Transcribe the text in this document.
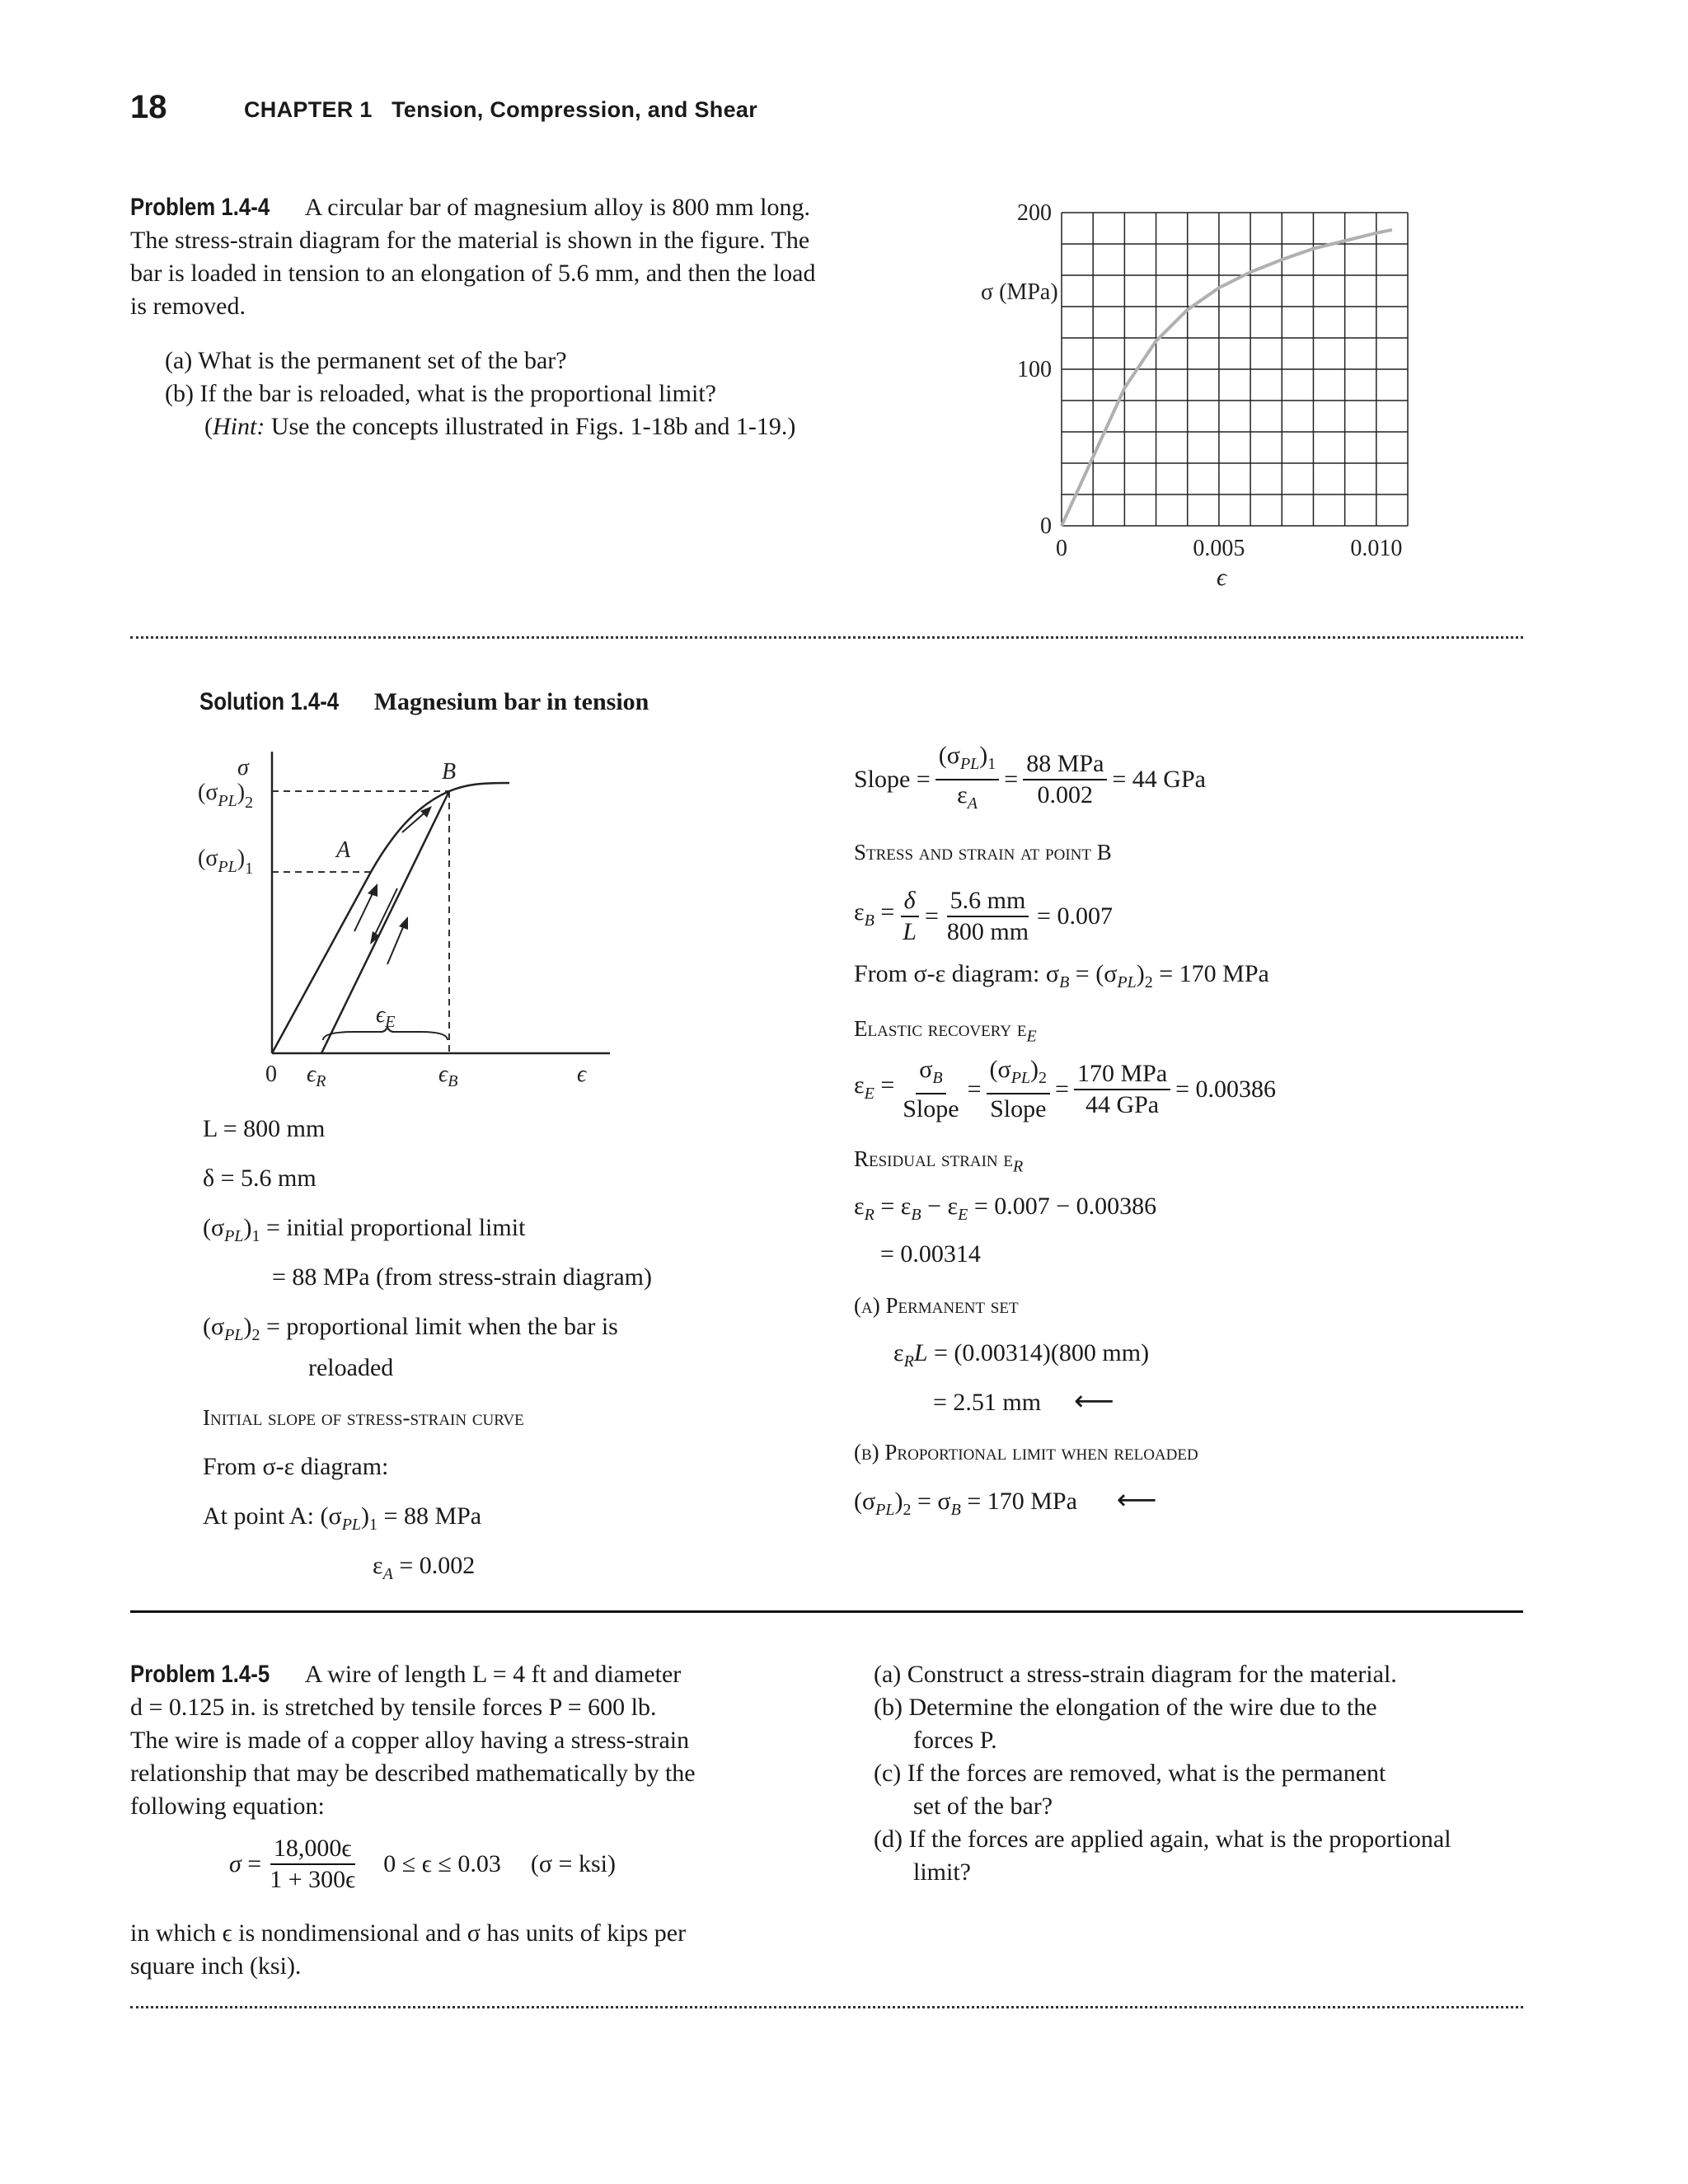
18	CHAPTER 1 Tension, Compression, and Shear
Problem 1.4-4 A circular bar of magnesium alloy is 800 mm long.
The stress-strain diagram for the material is shown in the figure. The
bar is loaded in tension to an elongation of 5.6 mm, and then the load
is removed.
(a) What is the permanent set of the bar?
(b) If the bar is reloaded, what is the proportional limit?
(Hint: Use the concepts illustrated in Figs. 1-18b and 1-19.)
0
100
200
0	0.005	0.010
σ (MPa)
ϵ
Solution 1.4-4 Magnesium bar in tension
σ
$(\sigma_{PL})_2$
$(\sigma_{PL})_1$
A
B
0 $\epsilon_R$	$\epsilon_B$	ϵ
$\epsilon_E$
L = 800 mm
δ = 5.6 mm
$(\sigma_{PL})_1$ = initial proportional limit
= 88 MPa (from stress-strain diagram)
$(\sigma_{PL})_2$ = proportional limit when the bar is
reloaded
Initial slope of stress-strain curve
From σ-ε diagram:
At point A: $(\sigma_{PL})_1 = 88$ MPa
$\varepsilon_A = 0.002$
Slope = $\frac{(\sigma_{PL})_1}{\varepsilon_A} = \frac{\text{88 MPa}}{0.002} = 44$ GPa
Stress and strain at point B
$\varepsilon_B = \frac{\delta}{L} = \frac{5.6 mm}{800 mm} = 0.007$
From σ-ε diagram: $\sigma_B = (\sigma_{PL})_2 = 170$ MPa
Elastic recovery $\varepsilon_E$
$\varepsilon_E = \frac{\sigma_B}{\text{Slope}} = \frac{(\sigma_{PL})_2}{\text{Slope}} = \frac{\text{170 MPa}}{\text{44 GPa}} = 0.00386$
Residual strain $\varepsilon_R$
$\varepsilon_R = \varepsilon_B - \varepsilon_E = 0.007 - 0.00386$
= 0.00314
(a) Permanent set
$\varepsilon_RL = (0.00314)(800$ mm)
= 2.51 mm ⟵
(b) Proportional limit when reloaded
$(\sigma_{PL})_2 = \sigma_B = 170$ MPa ⟵
Problem 1.4-5 A wire of length L = 4 ft and diameter
d = 0.125 in. is stretched by tensile forces P = 600 lb.
The wire is made of a copper alloy having a stress-strain
relationship that may be described mathematically by the
following equation:
$\sigma = \frac{18,000\epsilon}{1 + 300\epsilon} 0 \le \epsilon \le 0.03$ (σ = ksi)
in which ϵ is nondimensional and σ has units of kips per
square inch (ksi).
(a) Construct a stress-strain diagram for the material.
(b) Determine the elongation of the wire due to the
forces P.
(c) If the forces are removed, what is the permanent
set of the bar?
(d) If the forces are applied again, what is the proportional
limit?
